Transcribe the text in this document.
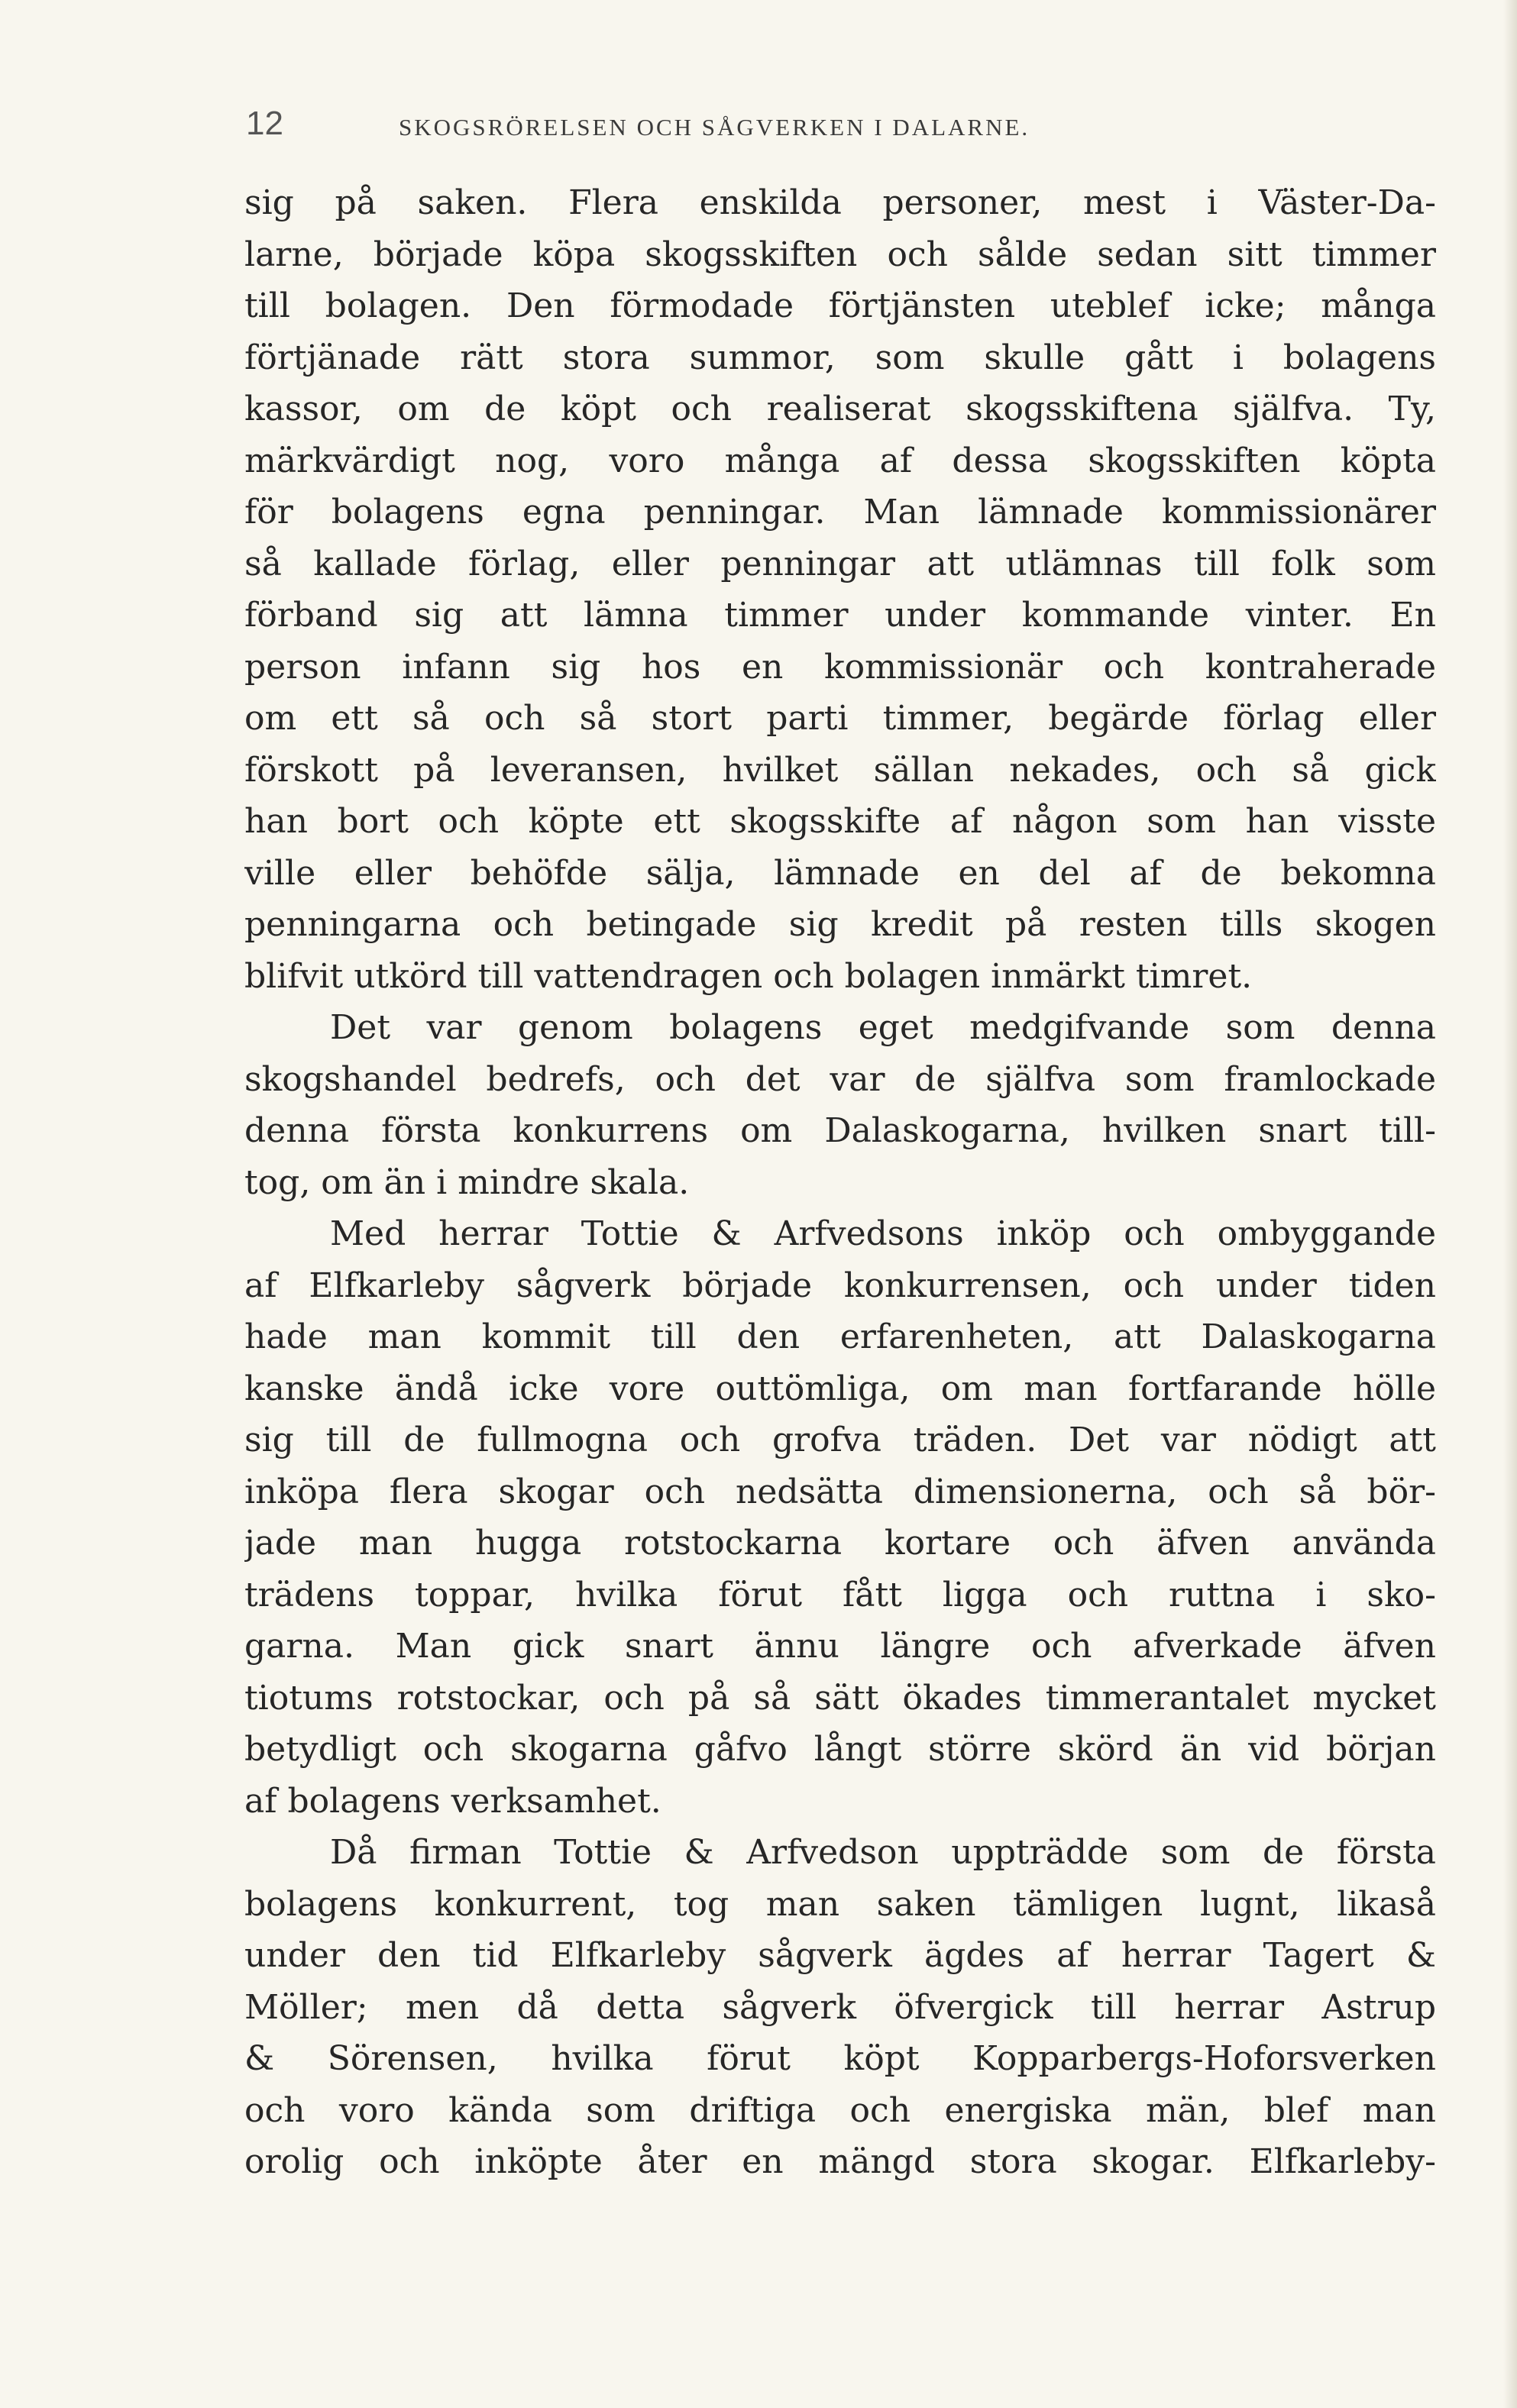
12	SKOGSRÖRELSEN OCH SÅGVERKEN I DALARNE.
sig på saken. Flera enskilda personer, mest i Väster-Da-
larne, började köpa skogsskiften och sålde sedan sitt timmer
till bolagen. Den förmodade förtjänsten uteblef icke; många
förtjänade rätt stora summor, som skulle gått i bolagens
kassor, om de köpt och realiserat skogsskiftena själfva. Ty,
märkvärdigt nog, voro många af dessa skogsskiften köpta
för bolagens egna penningar. Man lämnade kommissionärer
så kallade förlag, eller penningar att utlämnas till folk som
förband sig att lämna timmer under kommande vinter. En
person infann sig hos en kommissionär och kontraherade
om ett så och så stort parti timmer, begärde förlag eller
förskott på leveransen, hvilket sällan nekades, och så gick
han bort och köpte ett skogsskifte af någon som han visste
ville eller behöfde sälja, lämnade en del af de bekomna
penningarna och betingade sig kredit på resten tills skogen
blifvit utkörd till vattendragen och bolagen inmärkt timret.
Det var genom bolagens eget medgifvande som denna
skogshandel bedrefs, och det var de själfva som framlockade
denna första konkurrens om Dalaskogarna, hvilken snart till-
tog, om än i mindre skala.
Med herrar Tottie & Arfvedsons inköp och ombyggande
af Elfkarleby sågverk började konkurrensen, och under tiden
hade man kommit till den erfarenheten, att Dalaskogarna
kanske ändå icke vore outtömliga, om man fortfarande hölle
sig till de fullmogna och grofva träden. Det var nödigt att
inköpa flera skogar och nedsätta dimensionerna, och så bör-
jade man hugga rotstockarna kortare och äfven använda
trädens toppar, hvilka förut fått ligga och ruttna i sko-
garna. Man gick snart ännu längre och afverkade äfven
tiotums rotstockar, och på så sätt ökades timmerantalet mycket
betydligt och skogarna gåfvo långt större skörd än vid början
af bolagens verksamhet.
Då firman Tottie & Arfvedson uppträdde som de första
bolagens konkurrent, tog man saken tämligen lugnt, likaså
under den tid Elfkarleby sågverk ägdes af herrar Tagert &
Möller; men då detta sågverk öfvergick till herrar Astrup
& Sörensen, hvilka förut köpt Kopparbergs-Hoforsverken
och voro kända som driftiga och energiska män, blef man
orolig och inköpte åter en mängd stora skogar. Elfkarleby-
